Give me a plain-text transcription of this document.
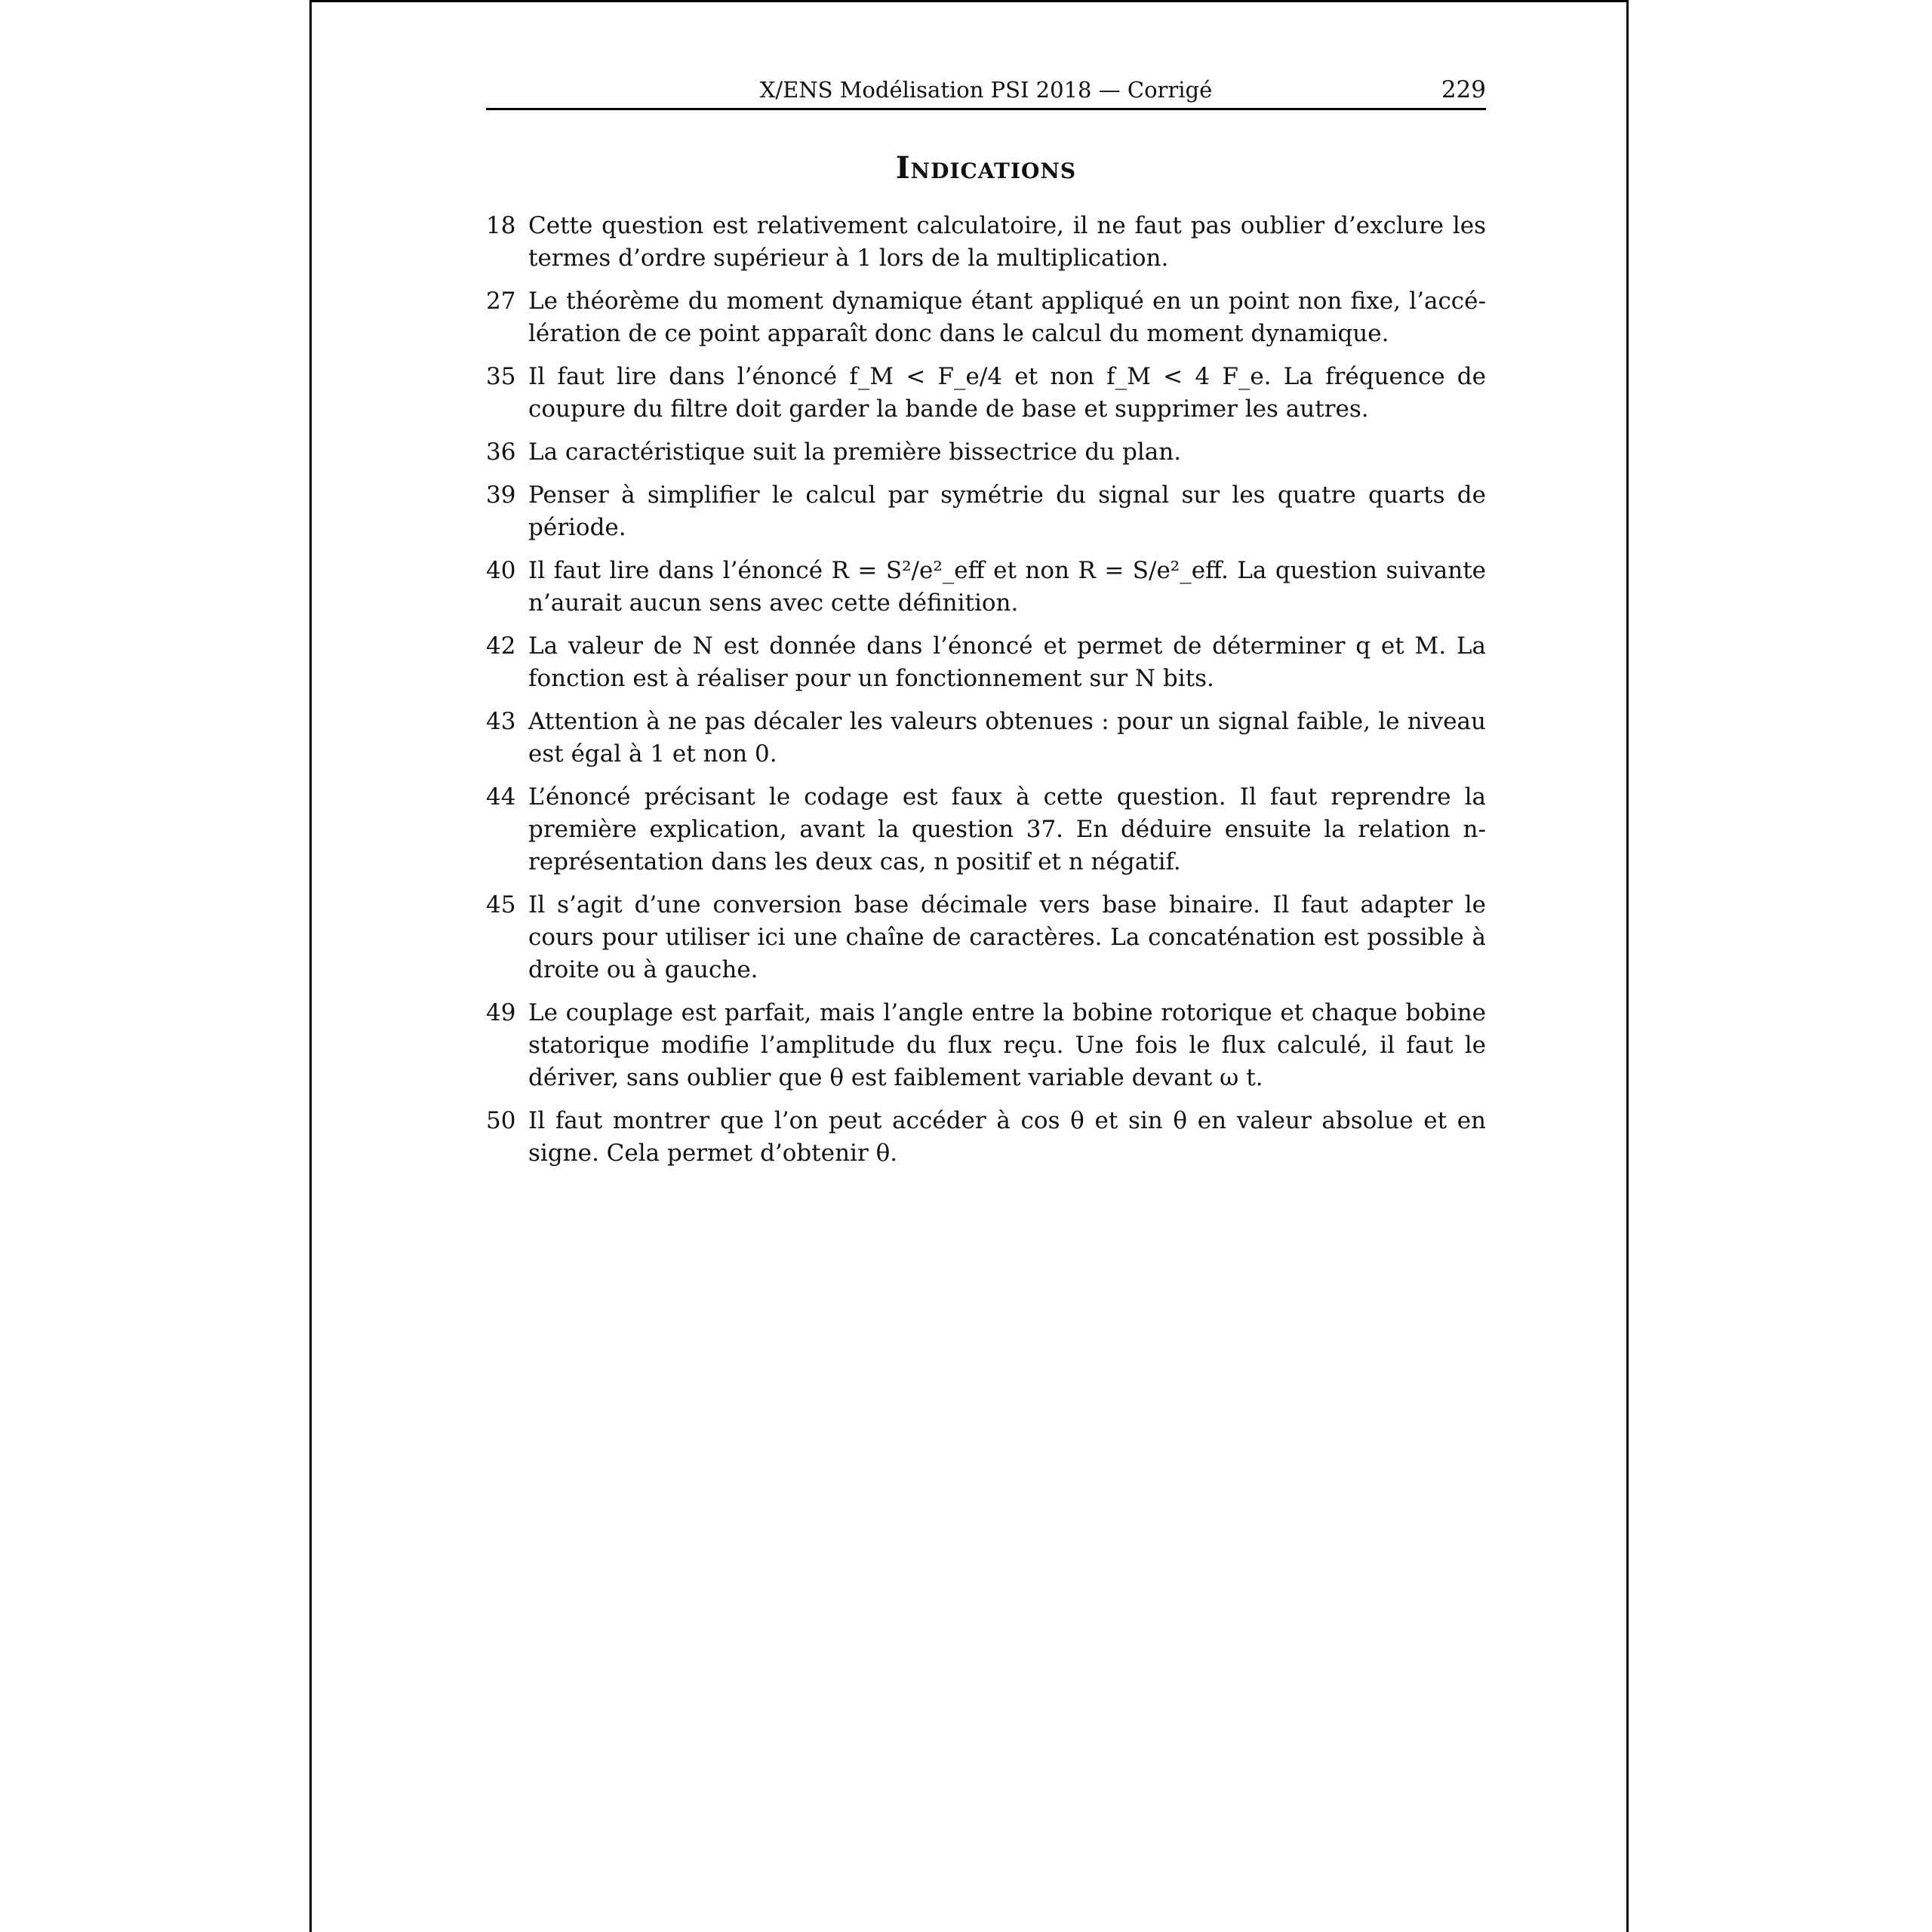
X/ENS Modélisation PSI 2018 — Corrigé	229
Indications
18 Cette question est relativement calculatoire, il ne faut pas oublier d’exclure les termes d’ordre supérieur à 1 lors de la multiplication.
27 Le théorème du moment dynamique étant appliqué en un point non fixe, l’accélération de ce point apparaît donc dans le calcul du moment dynamique.
35 Il faut lire dans l’énoncé f_M < F_e/4 et non f_M < 4 F_e. La fréquence de coupure du filtre doit garder la bande de base et supprimer les autres.
36 La caractéristique suit la première bissectrice du plan.
39 Penser à simplifier le calcul par symétrie du signal sur les quatre quarts de période.
40 Il faut lire dans l’énoncé R = S²/e²_eff et non R = S/e²_eff. La question suivante n’aurait aucun sens avec cette définition.
42 La valeur de N est donnée dans l’énoncé et permet de déterminer q et M. La fonction est à réaliser pour un fonctionnement sur N bits.
43 Attention à ne pas décaler les valeurs obtenues : pour un signal faible, le niveau est égal à 1 et non 0.
44 L’énoncé précisant le codage est faux à cette question. Il faut reprendre la première explication, avant la question 37. En déduire ensuite la relation n-représentation dans les deux cas, n positif et n négatif.
45 Il s’agit d’une conversion base décimale vers base binaire. Il faut adapter le cours pour utiliser ici une chaîne de caractères. La concaténation est possible à droite ou à gauche.
49 Le couplage est parfait, mais l’angle entre la bobine rotorique et chaque bobine statorique modifie l’amplitude du flux reçu. Une fois le flux calculé, il faut le dériver, sans oublier que θ est faiblement variable devant ω t.
50 Il faut montrer que l’on peut accéder à cos θ et sin θ en valeur absolue et en signe. Cela permet d’obtenir θ.
